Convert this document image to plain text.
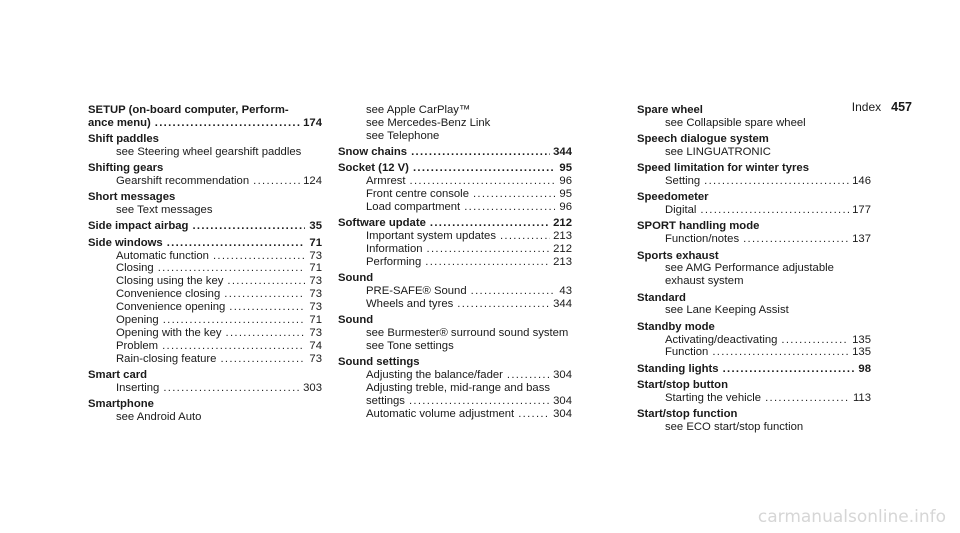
Index 457
SETUP (on-board computer, Perform-
ance menu) .....	174
Shift paddles
see Steering wheel gearshift paddles
Shifting gears
Gearshift recommendation .....	124
Short messages
see Text messages
Side impact airbag .....	35
Side windows .....	71
Automatic function .....	73
Closing .....	71
Closing using the key .....	73
Convenience closing .....	73
Convenience opening .....	73
Opening .....	71
Opening with the key .....	73
Problem .....	74
Rain-closing feature .....	73
Smart card
Inserting .....	303
Smartphone
see Android Auto
see Apple CarPlay™
see Mercedes-Benz Link
see Telephone
Snow chains .....	344
Socket (12 V) .....	95
Armrest .....	96
Front centre console .....	95
Load compartment .....	96
Software update .....	212
Important system updates .....	213
Information .....	212
Performing .....	213
Sound
PRE-SAFE® Sound .....	43
Wheels and tyres .....	344
Sound
see Burmester® surround sound system
see Tone settings
Sound settings
Adjusting the balance/fader .....	304
Adjusting treble, mid-range and bass
settings .....	304
Automatic volume adjustment .....	304
Spare wheel
see Collapsible spare wheel
Speech dialogue system
see LINGUATRONIC
Speed limitation for winter tyres
Setting .....	146
Speedometer
Digital .....	177
SPORT handling mode
Function/notes .....	137
Sports exhaust
see AMG Performance adjustable
exhaust system
Standard
see Lane Keeping Assist
Standby mode
Activating/deactivating .....	135
Function .....	135
Standing lights .....	98
Start/stop button
Starting the vehicle .....	113
Start/stop function
see ECO start/stop function
carmanualsonline.info
